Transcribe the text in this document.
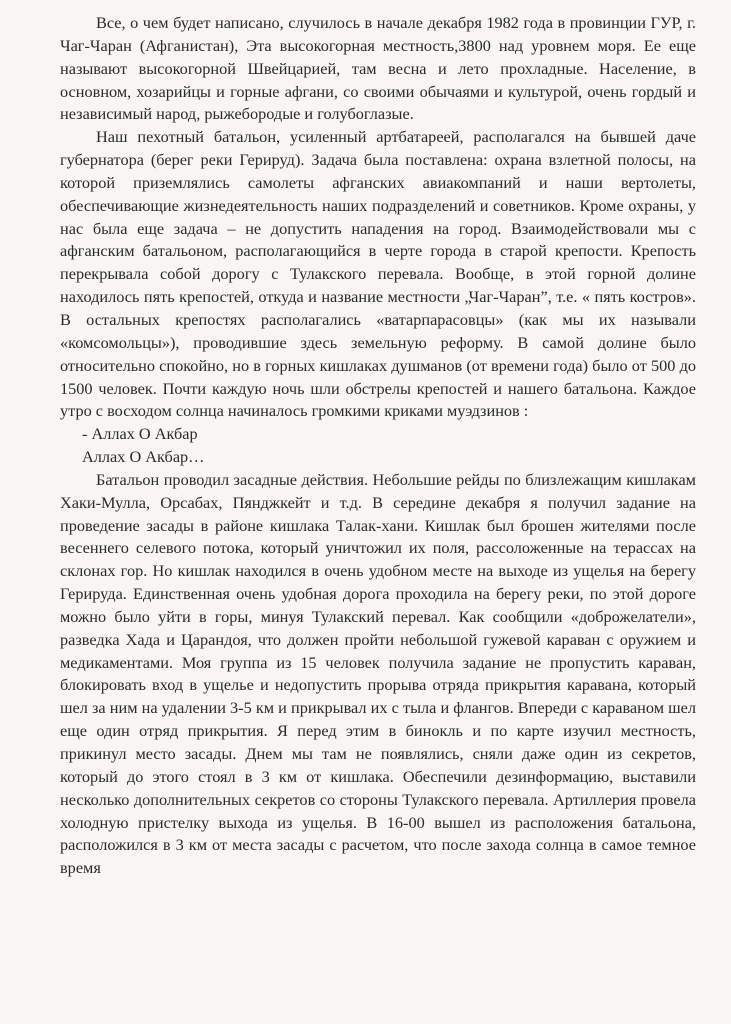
Все, о чем будет написано, случилось в начале декабря 1982 года в провинции ГУР, г. Чаг-Чаран (Афганистан), Эта высокогорная местность,3800 над уровнем моря. Ее еще называют высокогорной Швейцарией, там весна и лето прохладные. Население, в основном, хозарийцы и горные афгани, со своими обычаями и культурой, очень гордый и независимый народ, рыжебородые и голубоглазые.

Наш пехотный батальон, усиленный артбатареей, располагался на бывшей даче губернатора (берег реки Герируд). Задача была поставлена: охрана взлетной полосы, на которой приземлялись самолеты афганских авиакомпаний и наши вертолеты, обеспечивающие жизнедеятельность наших подразделений и советников. Кроме охраны, у нас была еще задача – не допустить нападения на город. Взаимодействовали мы с афганским батальоном, располагающийся в черте города в старой крепости. Крепость перекрывала собой дорогу с Тулакского перевала. Вообще, в этой горной долине находилось пять крепостей, откуда и название местности „Чаг-Чаран”, т.е. « пять костров». В остальных крепостях располагались «ватарпарасовцы» (как мы их называли «комсомольцы»), проводившие здесь земельную реформу. В самой долине было относительно спокойно, но в горных кишлаках душманов (от времени года) было от 500 до 1500 человек. Почти каждую ночь шли обстрелы крепостей и нашего батальона. Каждое утро с восходом солнца начиналось громкими криками муэдзинов :

- Аллах О Акбар

Аллах О Акбар…

Батальон проводил засадные действия. Небольшие рейды по близлежащим кишлакам Хаки-Мулла, Орсабах, Пянджкейт и т.д. В середине декабря я получил задание на проведение засады в районе кишлака Талак-хани. Кишлак был брошен жителями после весеннего селевого потока, который уничтожил их поля, рассоложенные на терассах на склонах гор. Но кишлак находился в очень удобном месте на выходе из ущелья на берегу Герируда. Единственная очень удобная дорога проходила на берегу реки, по этой дороге можно было уйти в горы, минуя Тулакский перевал. Как сообщили «доброжелатели», разведка Хада и Царандоя, что должен пройти небольшой гужевой караван с оружием и медикаментами. Моя группа из 15 человек получила задание не пропустить караван, блокировать вход в ущелье и недопустить прорыва отряда прикрытия каравана, который шел за ним на удалении 3-5 км и прикрывал их с тыла и флангов. Впереди с караваном шел еще один отряд прикрытия. Я перед этим в бинокль и по карте изучил местность, прикинул место засады. Днем мы там не появлялись, сняли даже один из секретов, который до этого стоял в 3 км от кишлака. Обеспечили дезинформацию, выставили несколько дополнительных секретов со стороны Тулакского перевала. Артиллерия провела холодную пристелку выхода из ущелья. В 16-00 вышел из расположения батальона, расположился в 3 км от места засады с расчетом, что после захода солнца в самое темное время
